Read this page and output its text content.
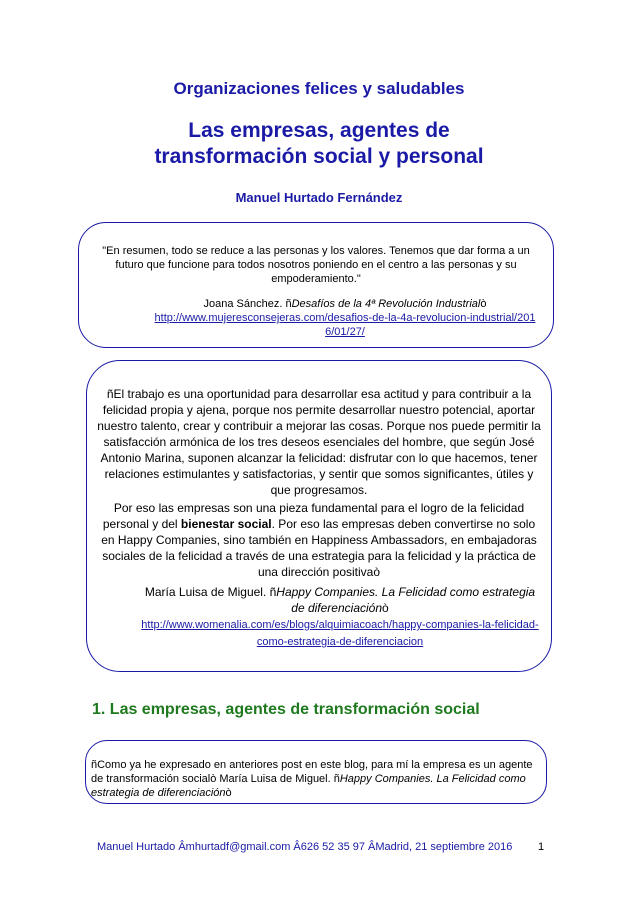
Organizaciones felices y saludables
Las empresas, agentes de
transformación social y personal
Manuel Hurtado Fernández
"En resumen, todo se reduce a las personas y los valores. Tenemos que dar forma a un futuro que funcione para todos nosotros poniendo en el centro a las personas y su empoderamiento."
Joana Sánchez. ñDesafíos de la 4ª Revolución Industrialò
http://www.mujeresconsejeras.com/desafios-de-la-4a-revolucion-industrial/2016/01/27/
ñEl trabajo es una oportunidad para desarrollar esa actitud y para contribuir a la felicidad propia y ajena, porque nos permite desarrollar nuestro potencial, aportar nuestro talento, crear y contribuir a mejorar las cosas. Porque nos puede permitir la satisfacción armónica de los tres deseos esenciales del hombre, que según José Antonio Marina, suponen alcanzar la felicidad: disfrutar con lo que hacemos, tener relaciones estimulantes y satisfactorias, y sentir que somos significantes, útiles y que progresamos.
Por eso las empresas son una pieza fundamental para el logro de la felicidad personal y del bienestar social. Por eso las empresas deben convertirse no solo en Happy Companies, sino también en Happiness Ambassadors, en embajadoras sociales de la felicidad a través de una estrategia para la felicidad y la práctica de una dirección positivaò
María Luisa de Miguel. ñHappy Companies. La Felicidad como estrategia de diferenciaciónò
http://www.womenalia.com/es/blogs/alquimiacoach/happy-companies-la-felicidad-como-estrategia-de-diferenciacion
1. Las empresas, agentes de transformación social
ñComo ya he expresado en anteriores post en este blog, para mí la empresa es un agente de transformación socialò María Luisa de Miguel. ñHappy Companies. La Felicidad como estrategia de diferenciaciónò
Manuel Hurtado Âmhurtadf@gmail.com Â626 52 35 97 ÂMadrid, 21 septiembre 2016	1
